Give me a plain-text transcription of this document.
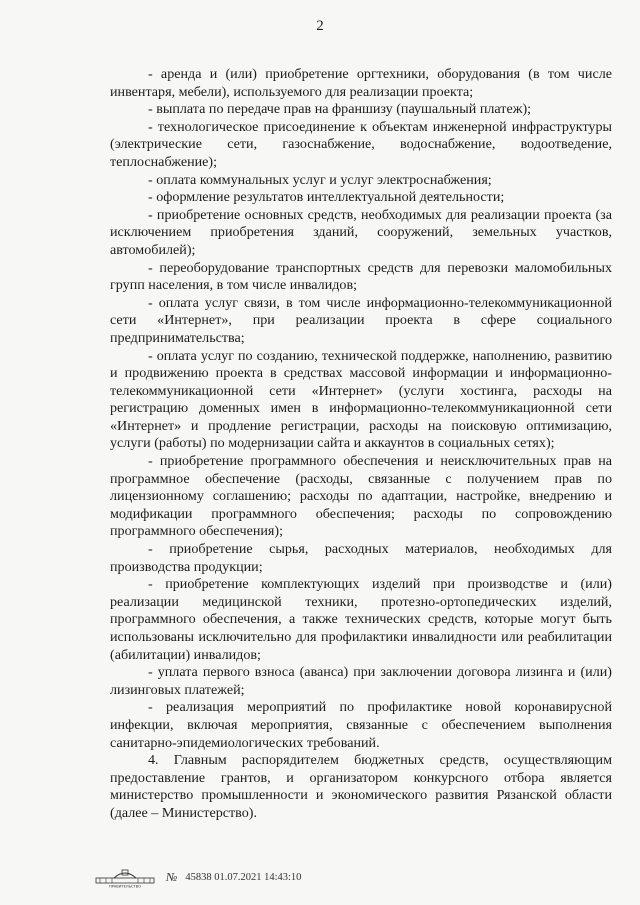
2

- аренда и (или) приобретение оргтехники, оборудования (в том числе инвентаря, мебели), используемого для реализации проекта;

- выплата по передаче прав на франшизу (паушальный платеж);

- технологическое присоединение к объектам инженерной инфраструктуры (электрические сети, газоснабжение, водоснабжение, водоотведение, теплоснабжение);

- оплата коммунальных услуг и услуг электроснабжения;

- оформление результатов интеллектуальной деятельности;

- приобретение основных средств, необходимых для реализации проекта (за исключением приобретения зданий, сооружений, земельных участков, автомобилей);

- переоборудование транспортных средств для перевозки маломобильных групп населения, в том числе инвалидов;

- оплата услуг связи, в том числе информационно-телекоммуникационной сети «Интернет», при реализации проекта в сфере социального предпринимательства;

- оплата услуг по созданию, технической поддержке, наполнению, развитию и продвижению проекта в средствах массовой информации и информационно-телекоммуникационной сети «Интернет» (услуги хостинга, расходы на регистрацию доменных имен в информационно-телекоммуникационной сети «Интернет» и продление регистрации, расходы на поисковую оптимизацию, услуги (работы) по модернизации сайта и аккаунтов в социальных сетях);

- приобретение программного обеспечения и неисключительных прав на программное обеспечение (расходы, связанные с получением прав по лицензионному соглашению; расходы по адаптации, настройке, внедрению и модификации программного обеспечения; расходы по сопровождению программного обеспечения);

- приобретение сырья, расходных материалов, необходимых для производства продукции;

- приобретение комплектующих изделий при производстве и (или) реализации медицинской техники, протезно-ортопедических изделий, программного обеспечения, а также технических средств, которые могут быть использованы исключительно для профилактики инвалидности или реабилитации (абилитации) инвалидов;

- уплата первого взноса (аванса) при заключении договора лизинга и (или) лизинговых платежей;

- реализация мероприятий по профилактике новой коронавирусной инфекции, включая мероприятия, связанные с обеспечением выполнения санитарно-эпидемиологических требований.

4. Главным распорядителем бюджетных средств, осуществляющим предоставление грантов, и организатором конкурсного отбора является министерство промышленности и экономического развития Рязанской области (далее – Министерство).

ПРАВИТЕЛЬСТВО
№ 45838 01.07.2021 14:43:10
